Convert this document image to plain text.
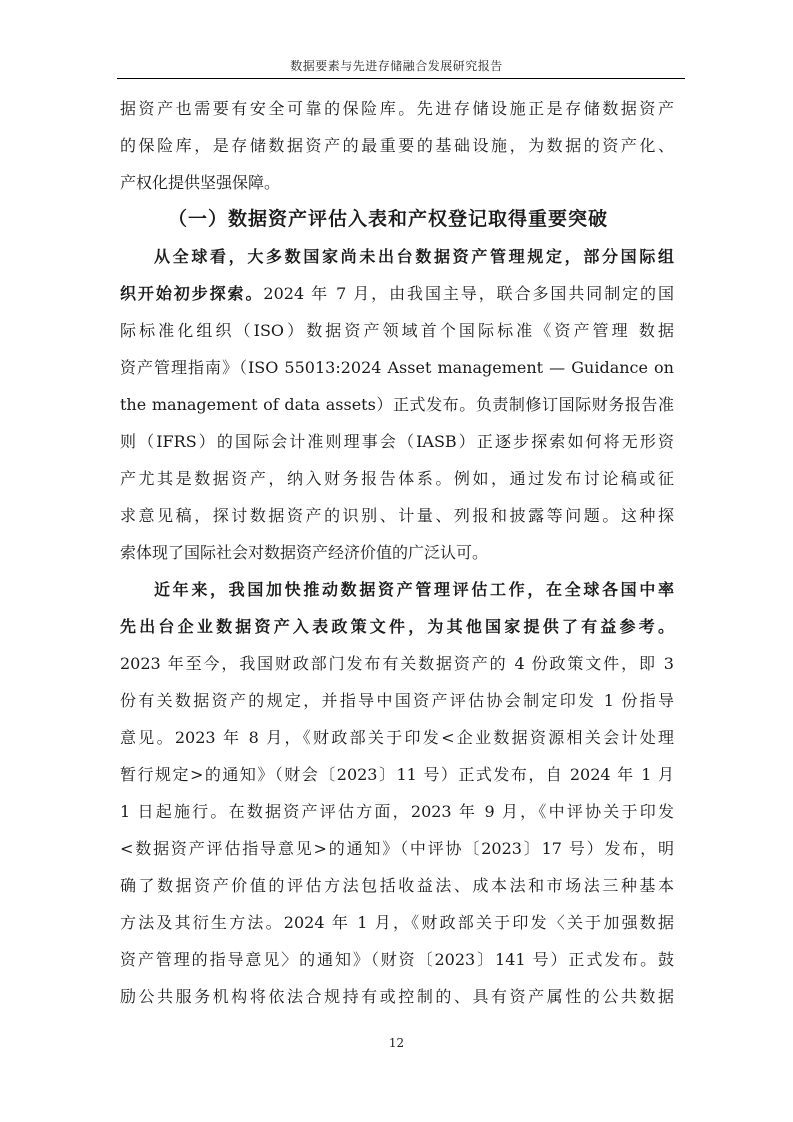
数据要素与先进存储融合发展研究报告
据资产也需要有安全可靠的保险库。先进存储设施正是存储数据资产
的保险库，是存储数据资产的最重要的基础设施，为数据的资产化、
产权化提供坚强保障。
（一）数据资产评估入表和产权登记取得重要突破
从全球看，大多数国家尚未出台数据资产管理规定，部分国际组
织开始初步探索。2024 年 7 月，由我国主导，联合多国共同制定的国
际标准化组织（ISO）数据资产领域首个国际标准《资产管理 数据
资产管理指南》（ISO 55013:2024 Asset management — Guidance on
the management of data assets）正式发布。负责制修订国际财务报告准
则（IFRS）的国际会计准则理事会（IASB）正逐步探索如何将无形资
产尤其是数据资产，纳入财务报告体系。例如，通过发布讨论稿或征
求意见稿，探讨数据资产的识别、计量、列报和披露等问题。这种探
索体现了国际社会对数据资产经济价值的广泛认可。
近年来，我国加快推动数据资产管理评估工作，在全球各国中率
先出台企业数据资产入表政策文件，为其他国家提供了有益参考。
2023 年至今，我国财政部门发布有关数据资产的 4 份政策文件，即 3
份有关数据资产的规定，并指导中国资产评估协会制定印发 1 份指导
意见。2023 年 8 月，《财政部关于印发<企业数据资源相关会计处理
暂行规定>的通知》（财会〔2023〕11 号）正式发布，自 2024 年 1 月
1 日起施行。在数据资产评估方面，2023 年 9 月，《中评协关于印发
<数据资产评估指导意见>的通知》（中评协〔2023〕17 号）发布，明
确了数据资产价值的评估方法包括收益法、成本法和市场法三种基本
方法及其衍生方法。2024 年 1 月，《财政部关于印发〈关于加强数据
资产管理的指导意见〉的通知》（财资〔2023〕141 号）正式发布。鼓
励公共服务机构将依法合规持有或控制的、具有资产属性的公共数据
12
